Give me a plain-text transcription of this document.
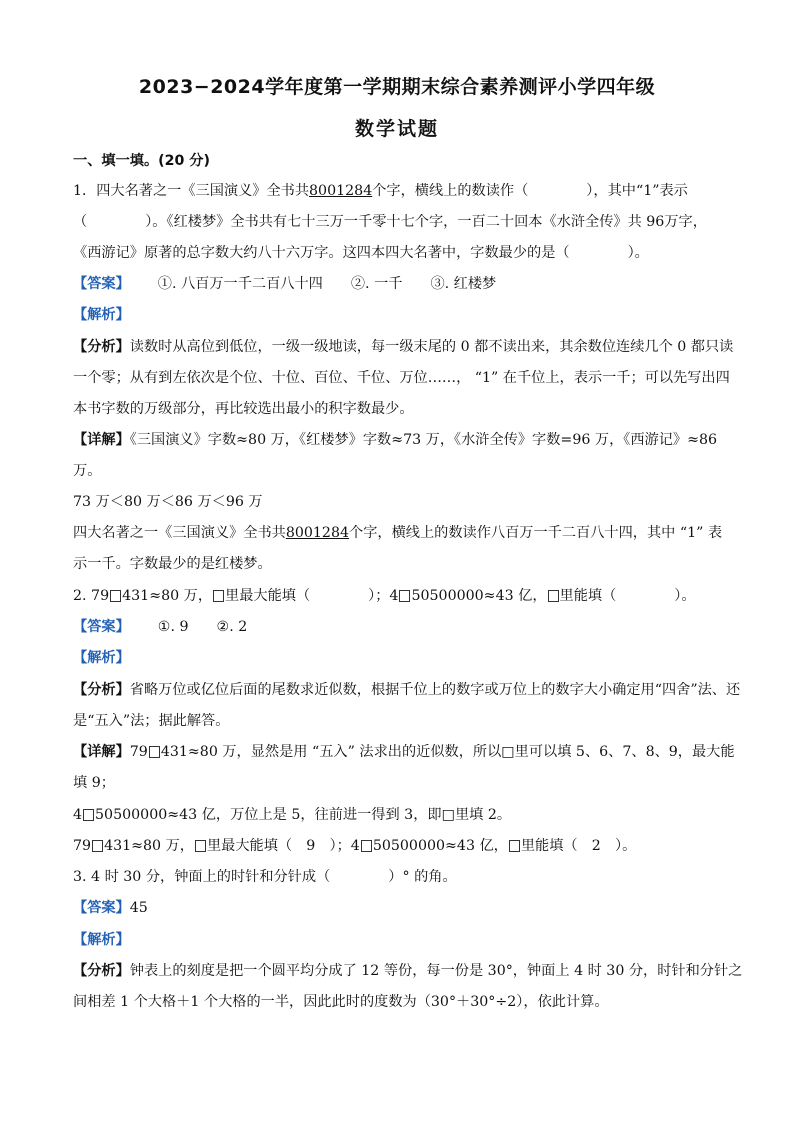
2023−2024学年度第一学期期末综合素养测评小学四年级
数学试题
一、填一填。(20 分)
1．四大名著之一《三国演义》全书共8001284个字，横线上的数读作（	），其中“1”表示
（	）。《红楼梦》全书共有七十三万一千零十七个字，一百二十回本《水浒全传》共 96万字，
《西游记》原著的总字数大约八十六万字。这四本四大名著中，字数最少的是（	）。
【答案】 ①. 八百万一千二百八十四 ②. 一千 ③. 红楼梦
【解析】
【分析】读数时从高位到低位，一级一级地读，每一级末尾的 0 都不读出来，其余数位连续几个 0 都只读
一个零；从有到左依次是个位、十位、百位、千位、万位……， “1” 在千位上，表示一千；可以先写出四
本书字数的万级部分，再比较选出最小的积字数最少。
【详解】《三国演义》字数≈80 万，《红楼梦》字数≈73 万，《水浒全传》字数=96 万，《西游记》≈86
万。
73 万＜80 万＜86 万＜96 万
四大名著之一《三国演义》全书共8001284个字，横线上的数读作八百万一千二百八十四，其中 “1” 表
示一千。字数最少的是红楼梦。
2. 79 431≈80 万， 里最大能填（	）；4 50500000≈43 亿， 里能填（	）。
【答案】 ①. 9 ②. 2
【解析】
【分析】省略万位或亿位后面的尾数求近似数，根据千位上的数字或万位上的数字大小确定用“四舍”法、还
是“五入”法；据此解答。
【详解】79 431≈80 万，显然是用 “五入” 法求出的近似数，所以□里可以填 5、6、7、8、9，最大能
填 9；
4 50500000≈43 亿，万位上是 5，往前进一得到 3，即□里填 2。
79 431≈80 万， 里最大能填（　9　）；4 50500000≈43 亿， 里能填（　2　）。
3. 4 时 30 分，钟面上的时针和分针成（	）° 的角。
【答案】45
【解析】
【分析】钟表上的刻度是把一个圆平均分成了 12 等份，每一份是 30°，钟面上 4 时 30 分，时针和分针之
间相差 1 个大格＋1 个大格的一半，因此此时的度数为（30°＋30°÷2），依此计算。
